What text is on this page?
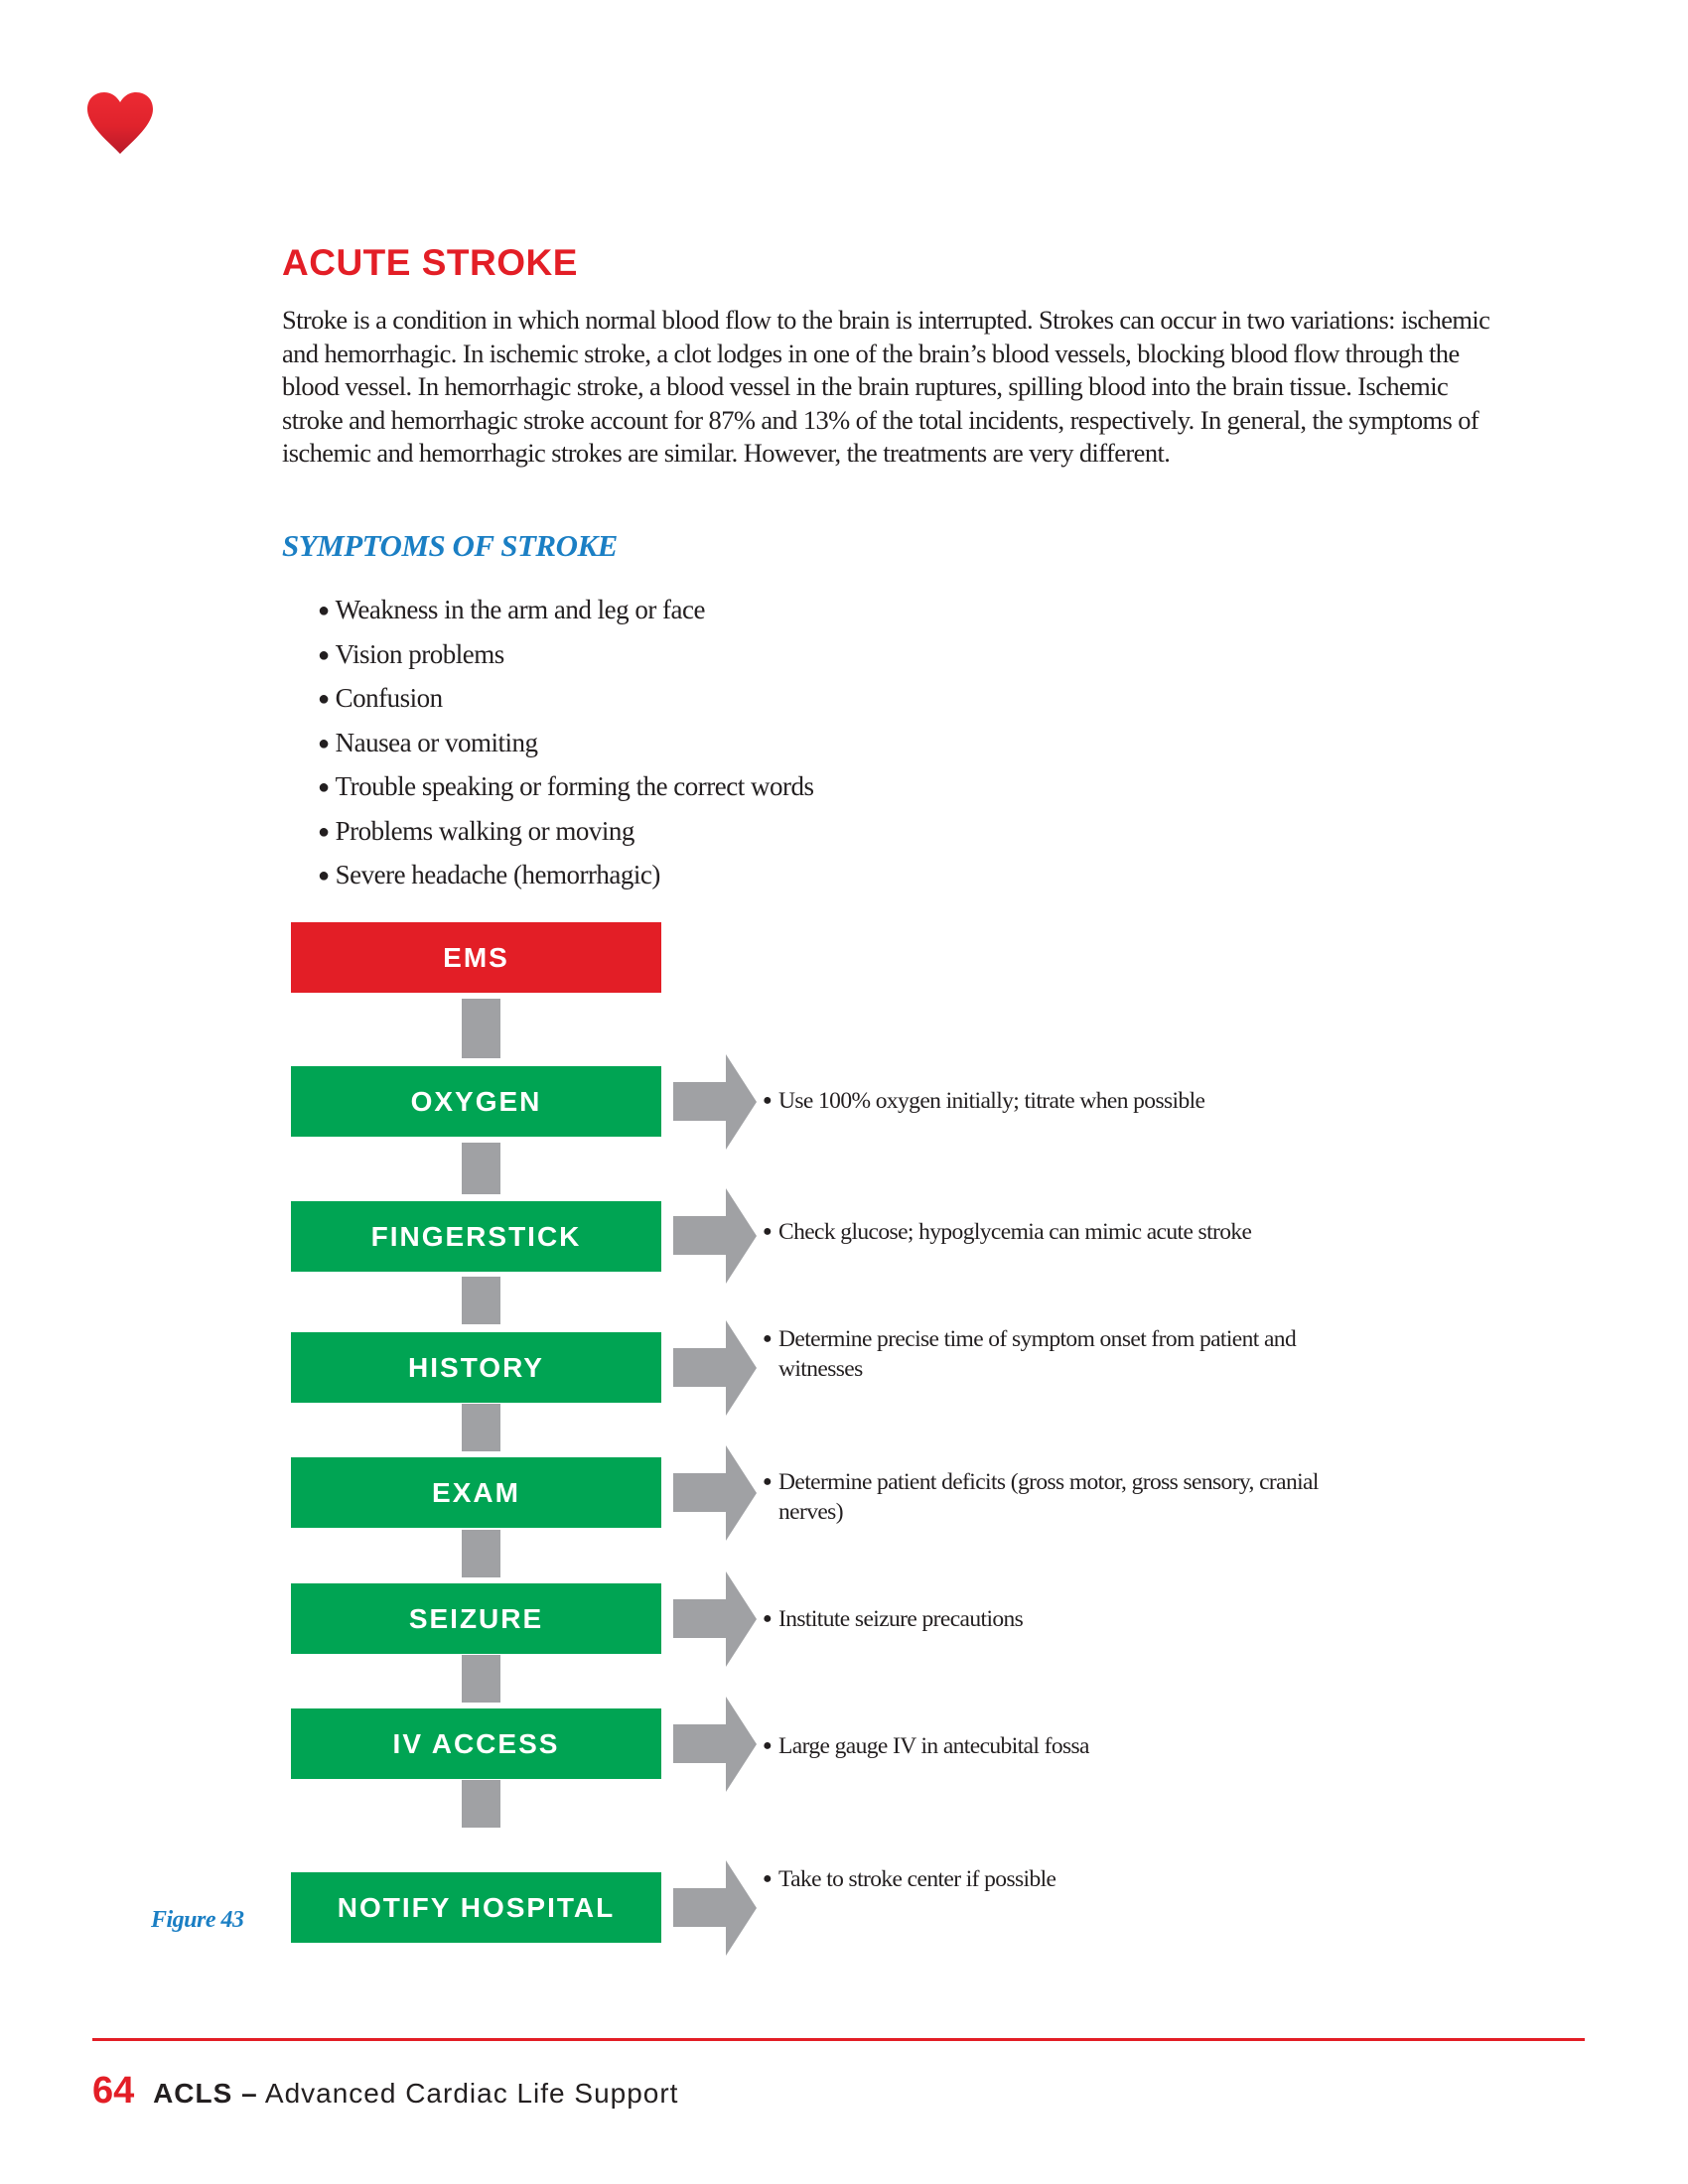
ACUTE STROKE

Stroke is a condition in which normal blood flow to the brain is interrupted. Strokes can occur in two variations: ischemic and hemorrhagic. In ischemic stroke, a clot lodges in one of the brain’s blood vessels, blocking blood flow through the blood vessel. In hemorrhagic stroke, a blood vessel in the brain ruptures, spilling blood into the brain tissue. Ischemic stroke and hemorrhagic stroke account for 87% and 13% of the total incidents, respectively. In general, the symptoms of ischemic and hemorrhagic strokes are similar. However, the treatments are very different.

SYMPTOMS OF STROKE
● Weakness in the arm and leg or face
● Vision problems
● Confusion
● Nausea or vomiting
● Trouble speaking or forming the correct words
● Problems walking or moving
● Severe headache (hemorrhagic)
EMS
OXYGEN	● Use 100% oxygen initially; titrate when possible
FINGERSTICK	● Check glucose; hypoglycemia can mimic acute stroke
HISTORY
● Determine precise time of symptom onset from patient and witnesses
EXAM	● Determine patient deficits (gross motor, gross sensory, cranial nerves)
SEIZURE	● Institute seizure precautions
IV ACCESS	● Large gauge IV in antecubital fossa
NOTIFY HOSPITAL
● Take to stroke center if possible
Figure 43
64 ACLS – Advanced Cardiac Life Support
